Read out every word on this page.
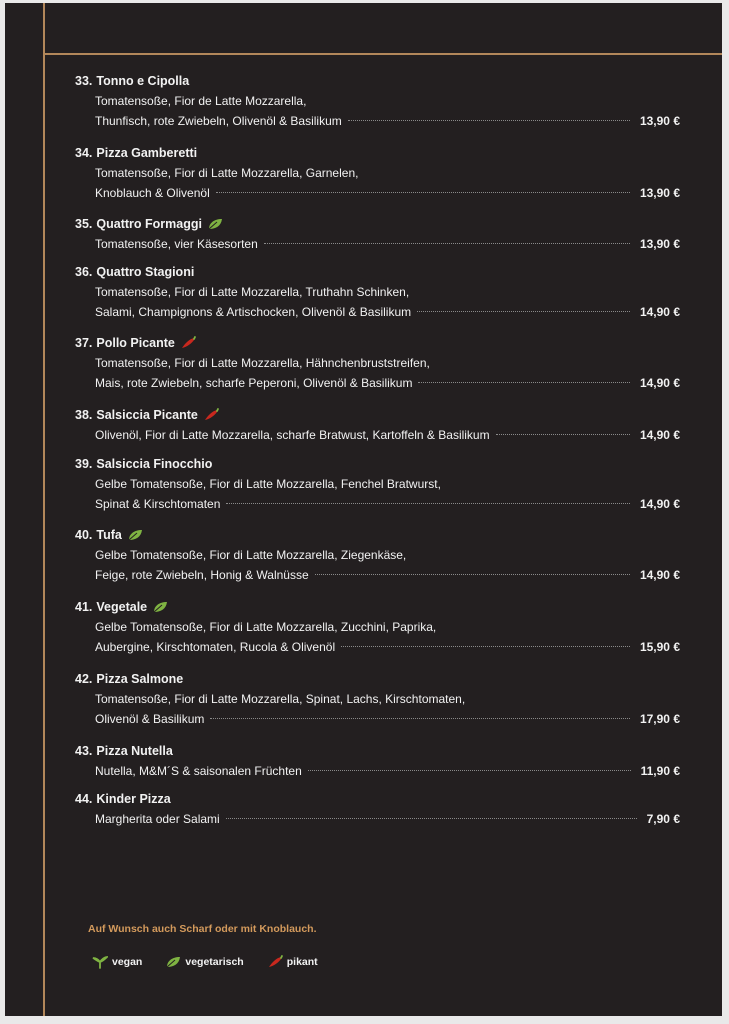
33. Tonno e Cipolla
Tomatensoße, Fior de Latte Mozzarella,
Thunfisch, rote Zwiebeln, Olivenöl & Basilikum	13,90 €
34. Pizza Gamberetti
Tomatensoße, Fior di Latte Mozzarella, Garnelen,
Knoblauch & Olivenöl	13,90 €
35. Quattro Formaggi
Tomatensoße, vier Käsesorten	13,90 €
36. Quattro Stagioni
Tomatensoße, Fior di Latte Mozzarella, Truthahn Schinken,
Salami, Champignons & Artischocken, Olivenöl & Basilikum	14,90 €
37. Pollo Picante
Tomatensoße, Fior di Latte Mozzarella, Hähnchenbruststreifen,
Mais, rote Zwiebeln, scharfe Peperoni, Olivenöl & Basilikum	14,90 €
38. Salsiccia Picante
Olivenöl, Fior di Latte Mozzarella, scharfe Bratwust, Kartoffeln & Basilikum	14,90 €
39. Salsiccia Finocchio
Gelbe Tomatensoße, Fior di Latte Mozzarella, Fenchel Bratwurst,
Spinat & Kirschtomaten	14,90 €
40. Tufa
Gelbe Tomatensoße, Fior di Latte Mozzarella, Ziegenkäse,
Feige, rote Zwiebeln, Honig & Walnüsse	14,90 €
41. Vegetale
Gelbe Tomatensoße, Fior di Latte Mozzarella, Zucchini, Paprika,
Aubergine, Kirschtomaten, Rucola & Olivenöl	15,90 €
42. Pizza Salmone
Tomatensoße, Fior di Latte Mozzarella, Spinat, Lachs, Kirschtomaten,
Olivenöl & Basilikum	17,90 €
43. Pizza Nutella
Nutella, M&M´S & saisonalen Früchten	11,90 €
44. Kinder Pizza
Margherita oder Salami	7,90 €
Auf Wunsch auch Scharf oder mit Knoblauch.
vegan	vegetarisch	pikant
